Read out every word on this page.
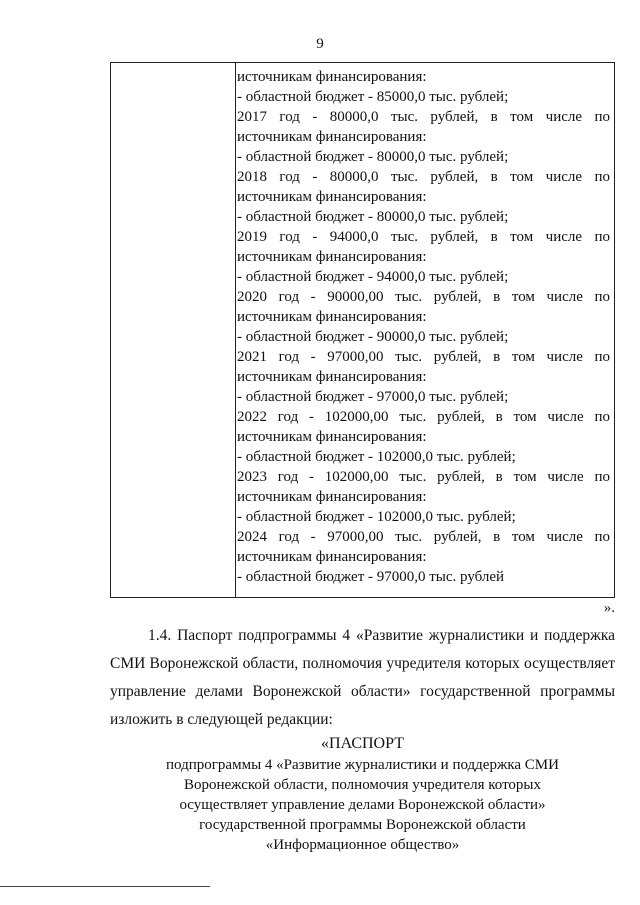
9
источникам финансирования:
- областной бюджет - 85000,0 тыс. рублей;
2017 год - 80000,0 тыс. рублей, в том числе по
источникам финансирования:
- областной бюджет - 80000,0 тыс. рублей;
2018 год - 80000,0 тыс. рублей, в том числе по
источникам финансирования:
- областной бюджет - 80000,0 тыс. рублей;
2019 год - 94000,0 тыс. рублей, в том числе по
источникам финансирования:
- областной бюджет - 94000,0 тыс. рублей;
2020 год - 90000,00 тыс. рублей, в том числе по
источникам финансирования:
- областной бюджет - 90000,0 тыс. рублей;
2021 год - 97000,00 тыс. рублей, в том числе по
источникам финансирования:
- областной бюджет - 97000,0 тыс. рублей;
2022 год - 102000,00 тыс. рублей, в том числе по
источникам финансирования:
- областной бюджет - 102000,0 тыс. рублей;
2023 год - 102000,00 тыс. рублей, в том числе по
источникам финансирования:
- областной бюджет - 102000,0 тыс. рублей;
2024 год - 97000,00 тыс. рублей, в том числе по
источникам финансирования:
- областной бюджет - 97000,0 тыс. рублей
».
1.4. Паспорт подпрограммы 4 «Развитие журналистики и поддержка
СМИ Воронежской области, полномочия учредителя которых осуществляет
управление делами Воронежской области» государственной программы
изложить в следующей редакции:
«ПАСПОРТ
подпрограммы 4 «Развитие журналистики и поддержка СМИ
Воронежской области, полномочия учредителя которых
осуществляет управление делами Воронежской области»
государственной программы Воронежской области
«Информационное общество»
